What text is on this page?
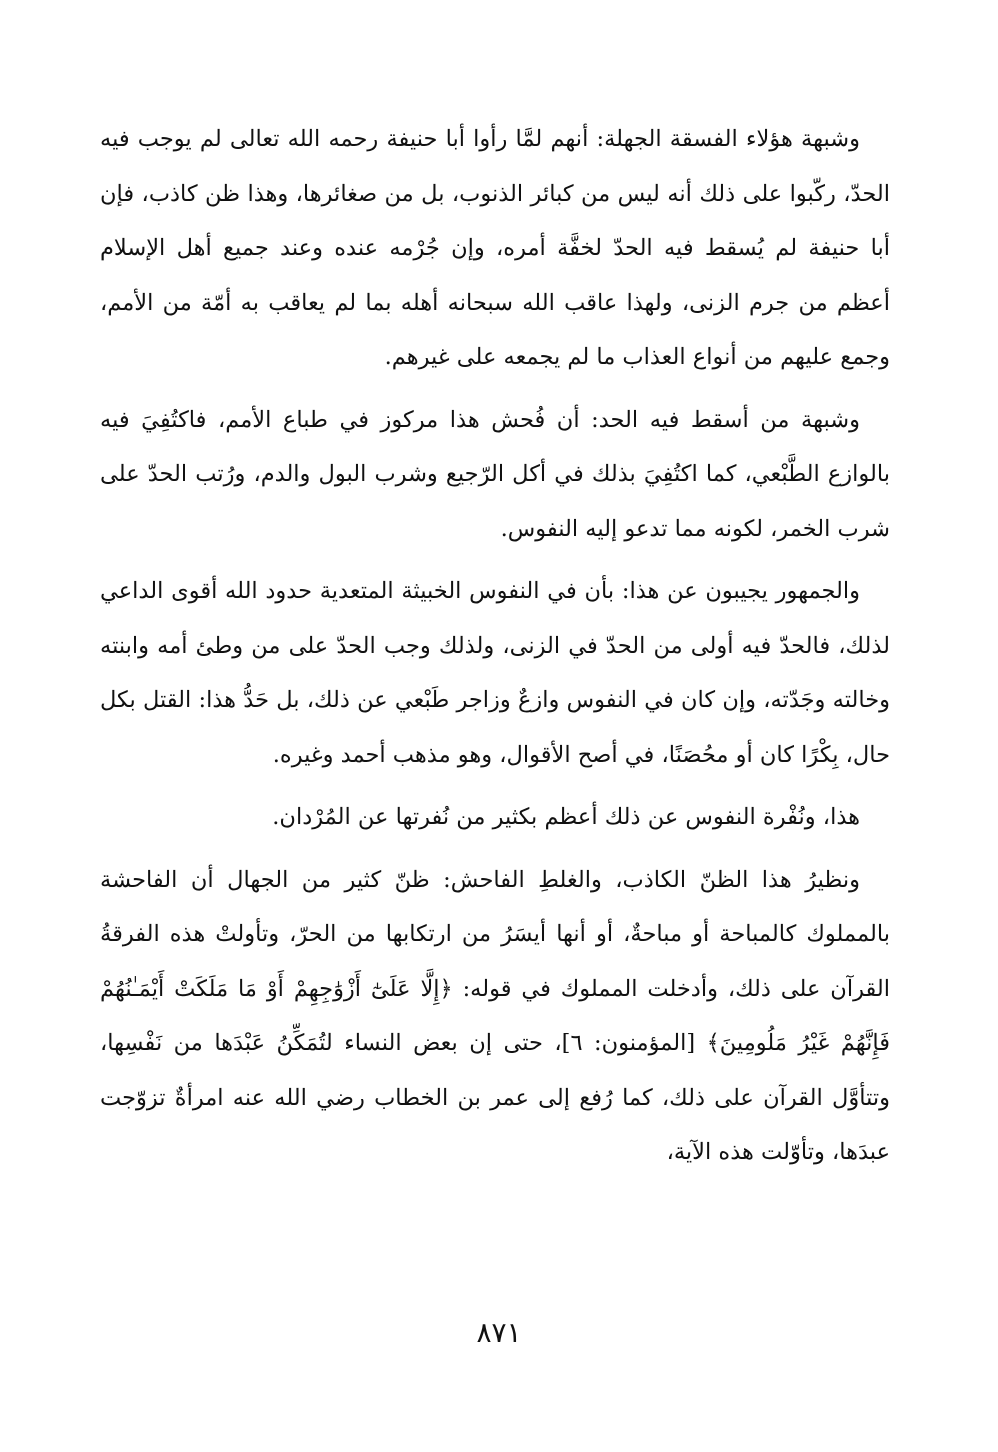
وشبهة هؤلاء الفسقة الجهلة: أنهم لمَّا رأوا أبا حنيفة رحمه الله تعالى لم يوجب فيه الحدّ، ركّبوا على ذلك أنه ليس من كبائر الذنوب، بل من صغائرها، وهذا ظن كاذب، فإن أبا حنيفة لم يُسقط فيه الحدّ لخفَّة أمره، وإن جُرْمه عنده وعند جميع أهل الإسلام أعظم من جرم الزنى، ولهذا عاقب الله سبحانه أهله بما لم يعاقب به أمّة من الأمم، وجمع عليهم من أنواع العذاب ما لم يجمعه على غيرهم.

وشبهة من أسقط فيه الحد: أن فُحش هذا مركوز في طباع الأمم، فاكتُفِيَ فيه بالوازع الطَّبْعي، كما اكتُفِيَ بذلك في أكل الرّجيع وشرب البول والدم، ورُتب الحدّ على شرب الخمر، لكونه مما تدعو إليه النفوس.

والجمهور يجيبون عن هذا: بأن في النفوس الخبيثة المتعدية حدود الله أقوى الداعي لذلك، فالحدّ فيه أولى من الحدّ في الزنى، ولذلك وجب الحدّ على من وطئ أمه وابنته وخالته وجَدّته، وإن كان في النفوس وازعٌ وزاجر طَبْعي عن ذلك، بل حَدُّ هذا: القتل بكل حال، بِكْرًا كان أو محُصَنًا، في أصح الأقوال، وهو مذهب أحمد وغيره.

هذا، ونُفْرة النفوس عن ذلك أعظم بكثير من نُفرتها عن المُرْدان.

ونظيرُ هذا الظنّ الكاذب، والغلطِ الفاحش: ظنّ كثير من الجهال أن الفاحشة بالمملوك كالمباحة أو مباحةٌ، أو أنها أيسَرُ من ارتكابها من الحرّ، وتأولتْ هذه الفرقةُ القرآن على ذلك، وأدخلت المملوك في قوله: ﴿إِلَّا عَلَىٰٓ أَزْوَٰجِهِمْ أَوْ مَا مَلَكَتْ أَيْمَـٰنُهُمْ فَإِنَّهُمْ غَيْرُ مَلُومِينَ﴾ [المؤمنون: ٦]، حتى إن بعض النساء لتُمَكِّنُ عَبْدَها من نَفْسِها، وتتأوَّل القرآن على ذلك، كما رُفع إلى عمر بن الخطاب رضي الله عنه امرأةٌ تزوّجت عبدَها، وتأوّلت هذه الآية،

٨٧١
